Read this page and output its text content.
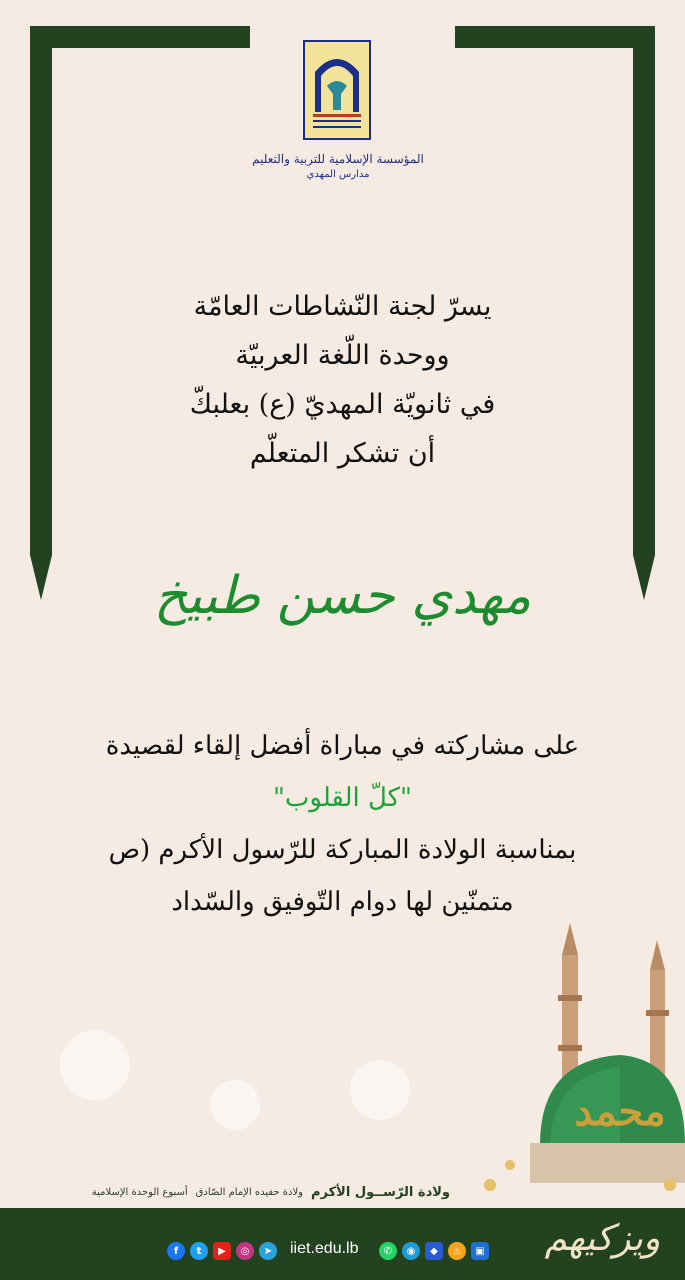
المؤسسة الإسلامية للتربية والتعليم
مدارس المهدي
يسرّ لجنة النّشاطات العامّة
ووحدة اللّغة العربيّة
في ثانويّة المهديّ (ع) بعلبكّ
أن تشكر المتعلّم
مهدي حسن طبيخ
على مشاركته في مباراة أفضل إلقاء لقصيدة
"كلّ القلوب"
بمناسبة الولادة المباركة للرّسول الأكرم (ص
متمنّين لها دوام التّوفيق والسّداد
محمد
ولادة الرّســول الأكرم
ولادة حفيده الإمام الصّادق
أسبوع الوحدة الإسلامية
f	t	▶	◎	➤	iiet.edu.lb	✆	◉	◆	♨	▣ ويزكيهم
